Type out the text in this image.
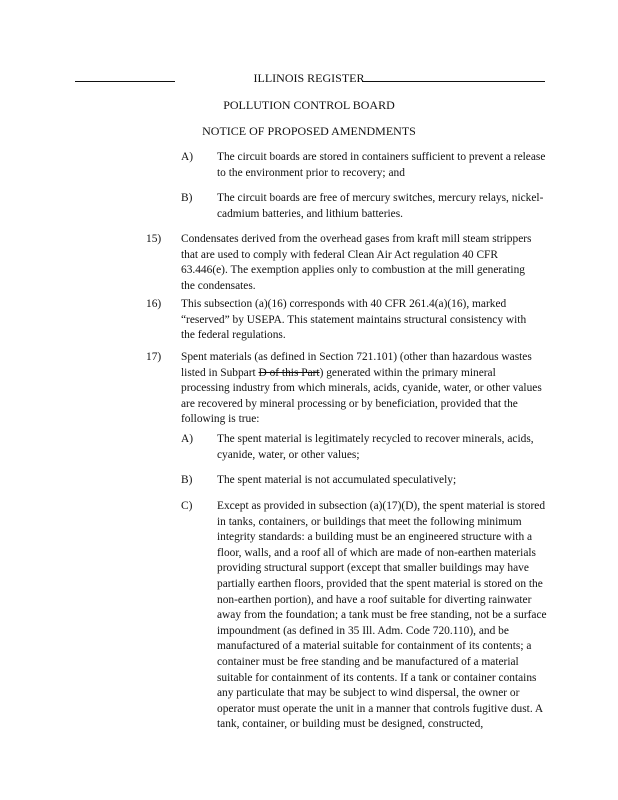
ILLINOIS REGISTER
POLLUTION CONTROL BOARD
NOTICE OF PROPOSED AMENDMENTS
A) The circuit boards are stored in containers sufficient to prevent a release to the environment prior to recovery; and
B) The circuit boards are free of mercury switches, mercury relays, nickel-cadmium batteries, and lithium batteries.
15) Condensates derived from the overhead gases from kraft mill steam strippers that are used to comply with federal Clean Air Act regulation 40 CFR 63.446(e). The exemption applies only to combustion at the mill generating the condensates.
16) This subsection (a)(16) corresponds with 40 CFR 261.4(a)(16), marked “reserved” by USEPA. This statement maintains structural consistency with the federal regulations.
17) Spent materials (as defined in Section 721.101) (other than hazardous wastes listed in Subpart D of this Part) generated within the primary mineral processing industry from which minerals, acids, cyanide, water, or other values are recovered by mineral processing or by beneficiation, provided that the following is true:
A) The spent material is legitimately recycled to recover minerals, acids, cyanide, water, or other values;
B) The spent material is not accumulated speculatively;
C) Except as provided in subsection (a)(17)(D), the spent material is stored in tanks, containers, or buildings that meet the following minimum integrity standards: a building must be an engineered structure with a floor, walls, and a roof all of which are made of non-earthen materials providing structural support (except that smaller buildings may have partially earthen floors, provided that the spent material is stored on the non-earthen portion), and have a roof suitable for diverting rainwater away from the foundation; a tank must be free standing, not be a surface impoundment (as defined in 35 Ill. Adm. Code 720.110), and be manufactured of a material suitable for containment of its contents; a container must be free standing and be manufactured of a material suitable for containment of its contents. If a tank or container contains any particulate that may be subject to wind dispersal, the owner or operator must operate the unit in a manner that controls fugitive dust. A tank, container, or building must be designed, constructed,
